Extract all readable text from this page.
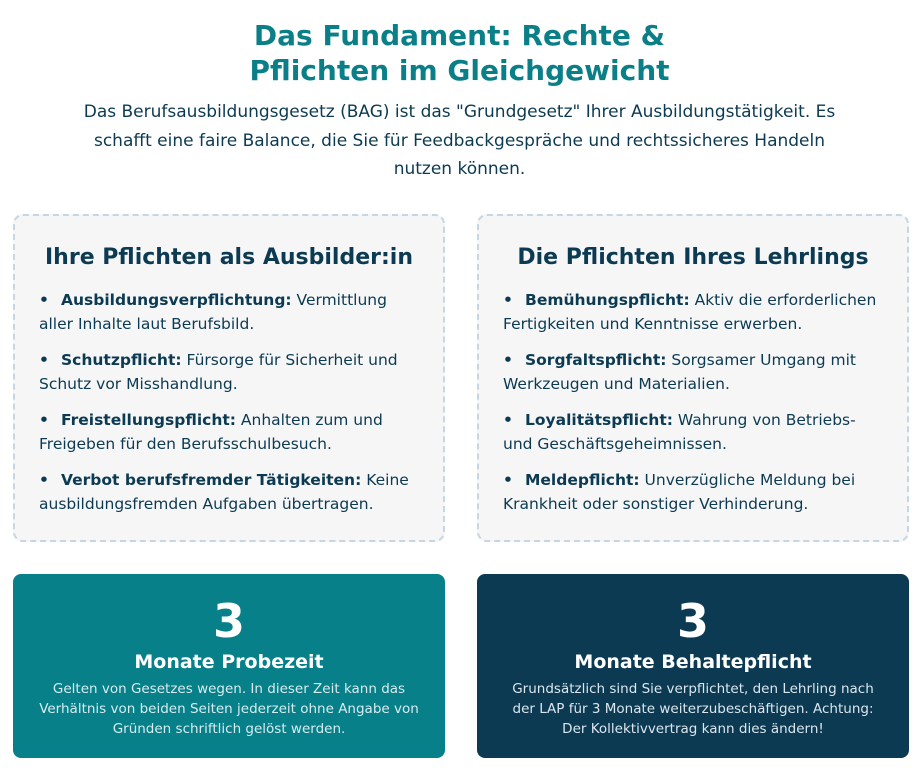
Das Fundament: Rechte & Pflichten im Gleichgewicht

Das Berufsausbildungsgesetz (BAG) ist das "Grundgesetz" Ihrer Ausbildungstätigkeit. Es schafft eine faire Balance, die Sie für Feedbackgespräche und rechtssicheres Handeln nutzen können.

Ihre Pflichten als Ausbilder:in
• Ausbildungsverpflichtung: Vermittlung aller Inhalte laut Berufsbild.
• Schutzpflicht: Fürsorge für Sicherheit und Schutz vor Misshandlung.
• Freistellungspflicht: Anhalten zum und Freigeben für den Berufsschulbesuch.
• Verbot berufsfremder Tätigkeiten: Keine ausbildungsfremden Aufgaben übertragen.
Die Pflichten Ihres Lehrlings
• Bemühungspflicht: Aktiv die erforderlichen Fertigkeiten und Kenntnisse erwerben.
• Sorgfaltspflicht: Sorgsamer Umgang mit Werkzeugen und Materialien.
• Loyalitätspflicht: Wahrung von Betriebs- und Geschäftsgeheimnissen.
• Meldepflicht: Unverzügliche Meldung bei Krankheit oder sonstiger Verhinderung.
3
Monate Probezeit
Gelten von Gesetzes wegen. In dieser Zeit kann das Verhältnis von beiden Seiten jederzeit ohne Angabe von Gründen schriftlich gelöst werden.
3
Monate Behaltepflicht
Grundsätzlich sind Sie verpflichtet, den Lehrling nach der LAP für 3 Monate weiterzubeschäftigen. Achtung: Der Kollektivvertrag kann dies ändern!
